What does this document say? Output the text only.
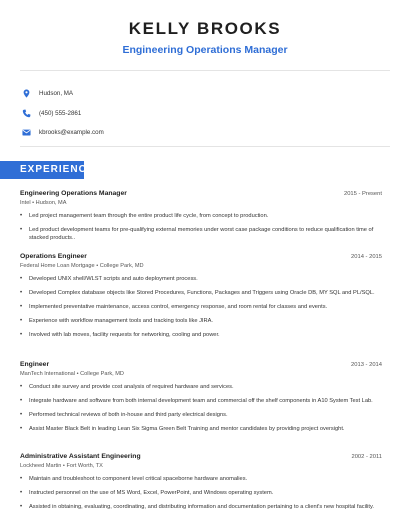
KELLY BROOKS
Engineering Operations Manager
Hudson, MA
(450) 555-2861
kbrooks@example.com
EXPERIENCE
Engineering Operations Manager	2015 - Present
Intel • Hudson, MA
• Led project management team through the entire product life cycle, from concept to production.
• Led product development teams for pre-qualifying external memories under worst case package conditions to reduce qualification time of stacked products..
Operations Engineer	2014 - 2015
Federal Home Loan Mortgage • College Park, MD
• Developed UNIX shell/WLST scripts and auto deployment process.
• Developed Complex database objects like Stored Procedures, Functions, Packages and Triggers using Oracle DB, MY SQL and PL/SQL.
• Implemented preventative maintenance, access control, emergency response, and room rental for classes and events.
• Experience with workflow management tools and tracking tools like JIRA.
• Involved with lab moves, facility requests for networking, cooling and power.
Engineer	2013 - 2014
ManTech International • College Park, MD
• Conduct site survey and provide cost analysis of required hardware and services.
• Integrate hardware and software from both internal development team and commercial off the shelf components in A10 System Test Lab.
• Performed technical reviews of both in-house and third party electrical designs.
• Assist Master Black Belt in leading Lean Six Sigma Green Belt Training and mentor candidates by providing project oversight.
Administrative Assistant Engineering	2002 - 2011
Lockheed Martin • Fort Worth, TX
• Maintain and troubleshoot to component level critical spaceborne hardware anomalies.
• Instructed personnel on the use of MS Word, Excel, PowerPoint, and Windows operating system.
• Assisted in obtaining, evaluating, coordinating, and distributing information and documentation pertaining to a client's new hospital facility.
